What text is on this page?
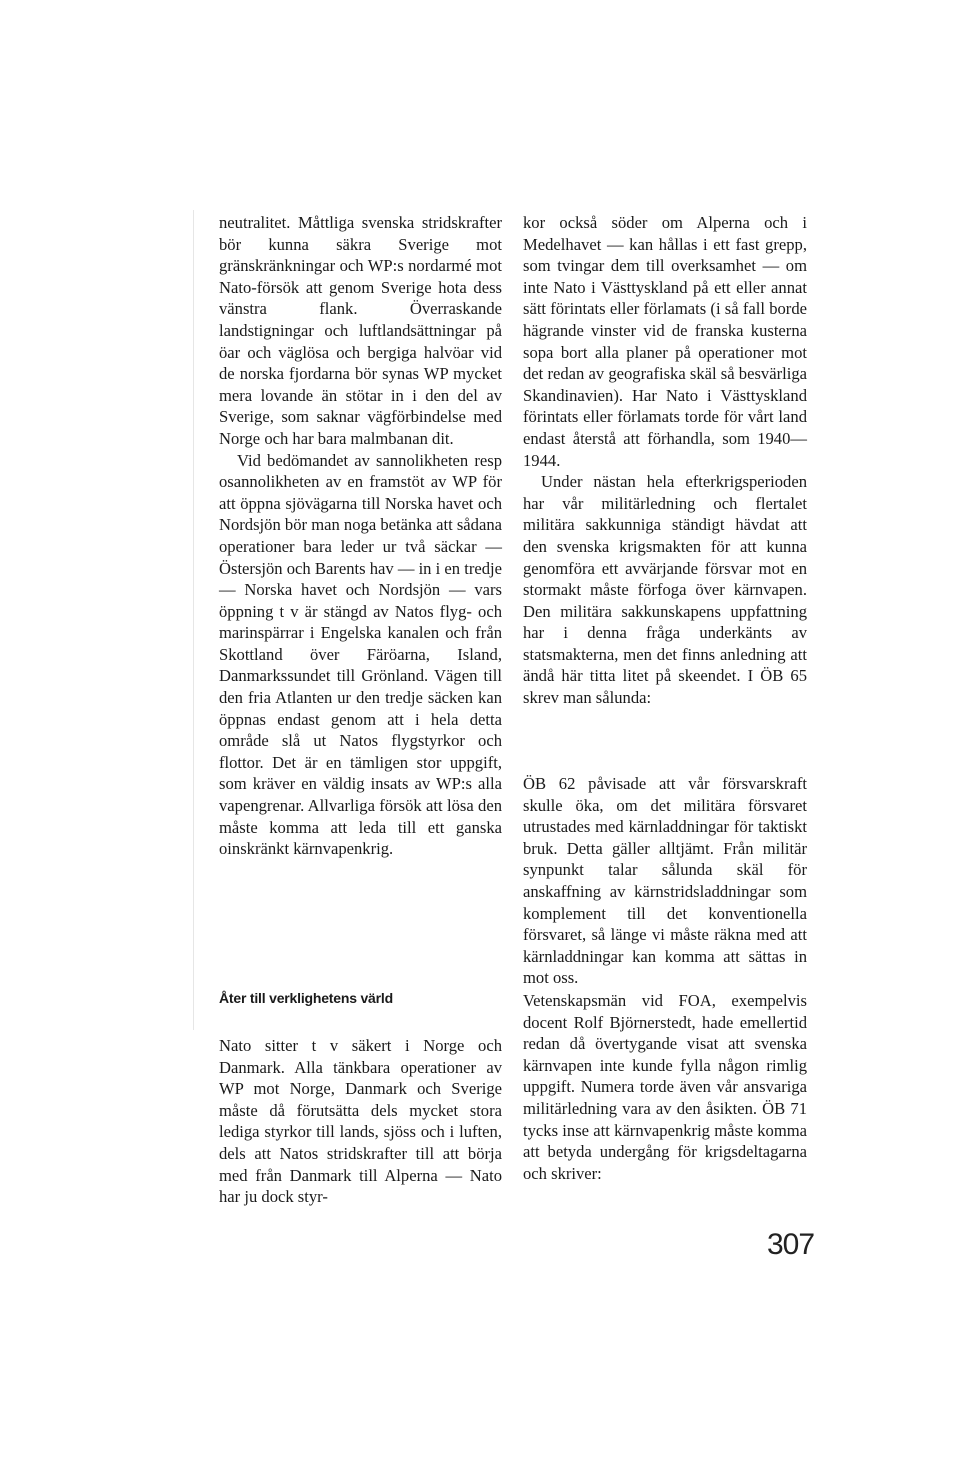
neutralitet. Måttliga svenska stridskrafter bör kunna säkra Sverige mot gränskränkningar och WP:s nordarmé mot Nato-försök att genom Sverige hota dess vänstra flank. Överraskande landstigningar och luftlandsättningar på öar och väglösa och bergiga halvöar vid de norska fjordarna bör synas WP mycket mera lovande än stötar in i den del av Sverige, som saknar vägförbindelse med Norge och har bara malmbanan dit.

Vid bedömandet av sannolikheten resp osannolikheten av en framstöt av WP för att öppna sjövägarna till Norska havet och Nordsjön bör man noga betänka att sådana operationer bara leder ur två säckar — Östersjön och Barents hav — in i en tredje — Norska havet och Nordsjön — vars öppning t v är stängd av Natos flyg- och marinspärrar i Engelska kanalen och från Skottland över Färöarna, Island, Danmarkssundet till Grönland. Vägen till den fria Atlanten ur den tredje säcken kan öppnas endast genom att i hela detta område slå ut Natos flygstyrkor och flottor. Det är en tämligen stor uppgift, som kräver en väldig insats av WP:s alla vapengrenar. Allvarliga försök att lösa den måste komma att leda till ett ganska oinskränkt kärnvapenkrig.

Åter till verklighetens värld

Nato sitter t v säkert i Norge och Danmark. Alla tänkbara operationer av WP mot Norge, Danmark och Sverige måste då förutsätta dels mycket stora lediga styrkor till lands, sjöss och i luften, dels att Natos stridskrafter till att börja med från Danmark till Alperna — Nato har ju dock styr-

kor också söder om Alperna och i Medelhavet — kan hållas i ett fast grepp, som tvingar dem till overksamhet — om inte Nato i Västtyskland på ett eller annat sätt förintats eller förlamats (i så fall borde hägrande vinster vid de franska kusterna sopa bort alla planer på operationer mot det redan av geografiska skäl så besvärliga Skandinavien). Har Nato i Västtyskland förintats eller förlamats torde för vårt land endast återstå att förhandla, som 1940—1944.

Under nästan hela efterkrigsperioden har vår militärledning och flertalet militära sakkunniga ständigt hävdat att den svenska krigsmakten för att kunna genomföra ett avvärjande försvar mot en stormakt måste förfoga över kärnvapen. Den militära sakkunskapens uppfattning har i denna fråga underkänts av statsmakterna, men det finns anledning att ändå här titta litet på skeendet. I ÖB 65 skrev man sålunda:

ÖB 62 påvisade att vår försvarskraft skulle öka, om det militära försvaret utrustades med kärnladdningar för taktiskt bruk. Detta gäller alltjämt. Från militär synpunkt talar sålunda skäl för anskaffning av kärnstridsladdningar som komplement till det konventionella försvaret, så länge vi måste räkna med att kärnladdningar kan komma att sättas in mot oss.

Vetenskapsmän vid FOA, exempelvis docent Rolf Björnerstedt, hade emellertid redan då övertygande visat att svenska kärnvapen inte kunde fylla någon rimlig uppgift. Numera torde även vår ansvariga militärledning vara av den åsikten. ÖB 71 tycks inse att kärnvapenkrig måste komma att betyda undergång för krigsdeltagarna och skriver:

307
